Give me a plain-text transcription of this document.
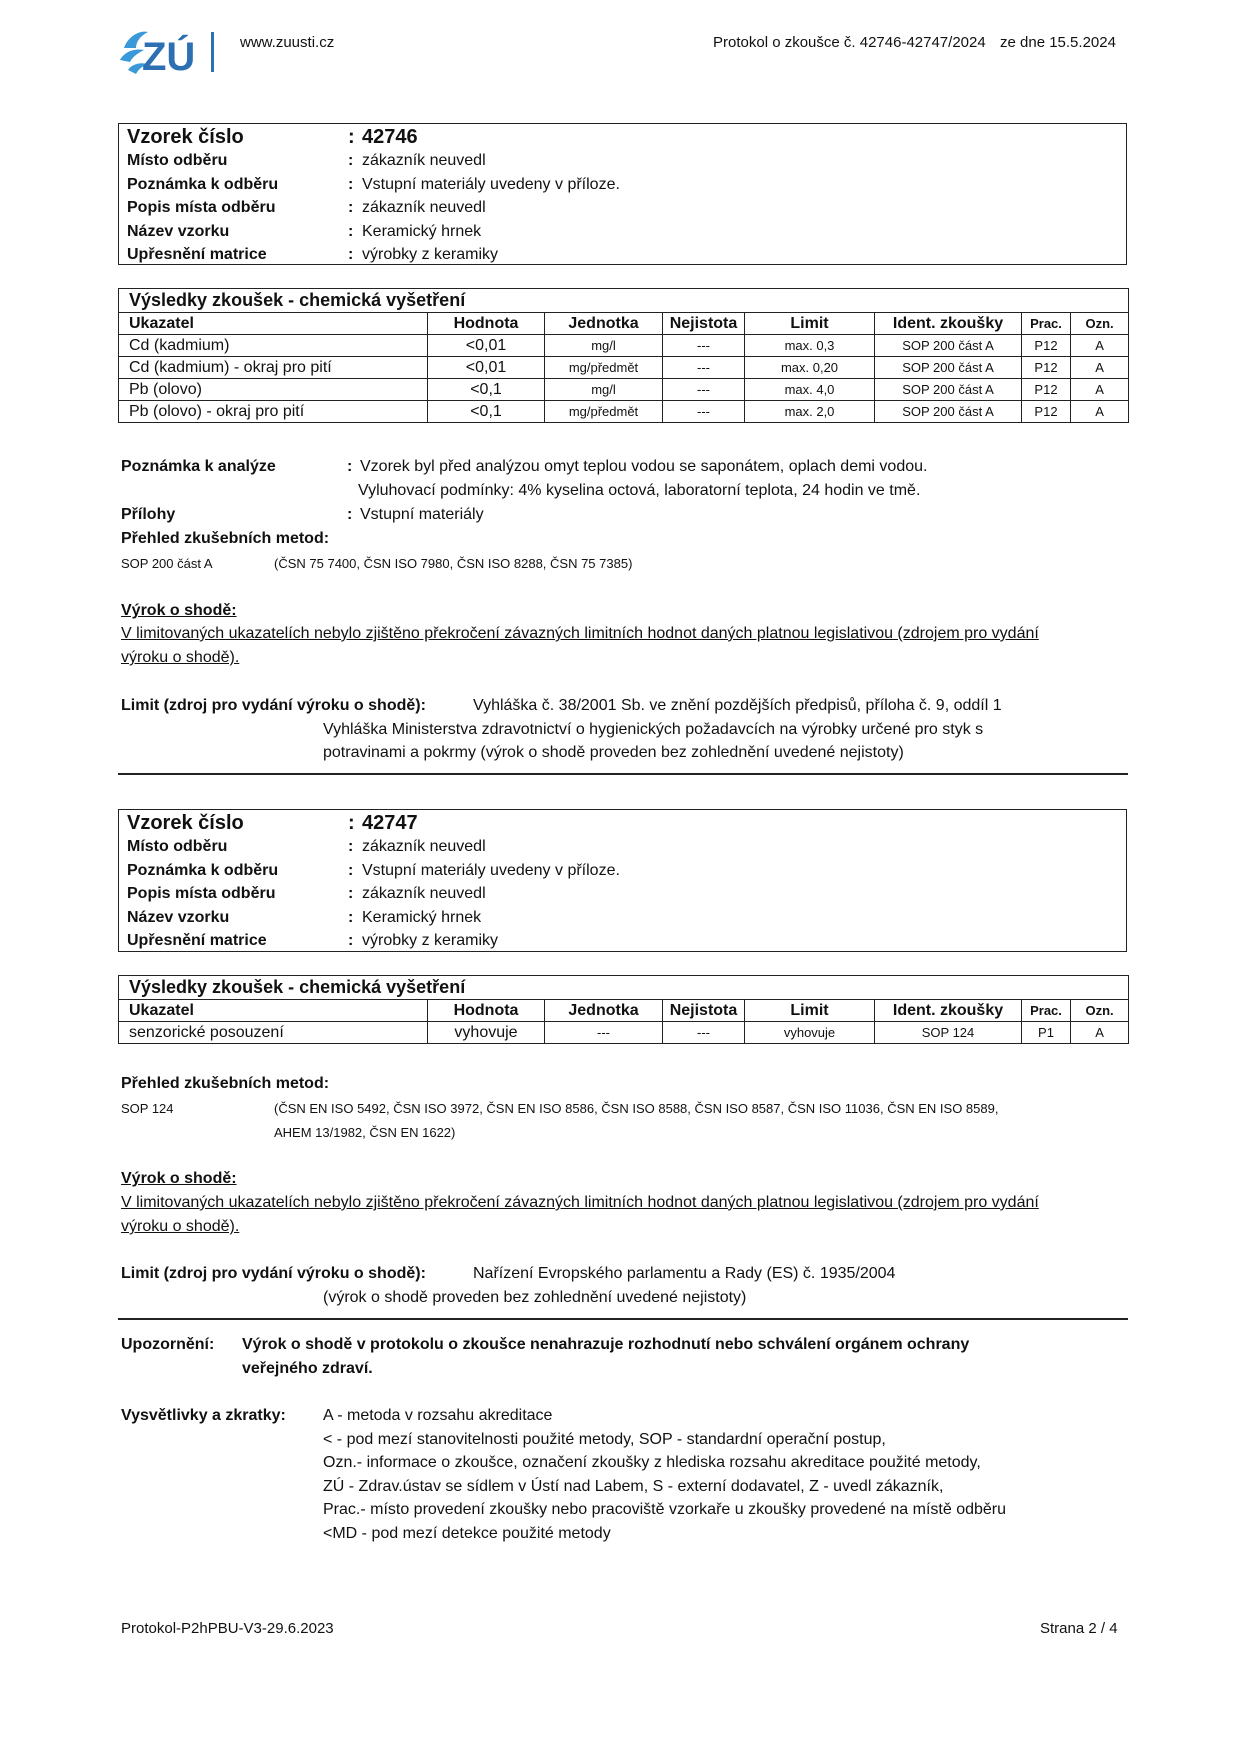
ZÚ	www.zuusti.cz	Protokol o zkoušce č. 42746-42747/2024 ze dne 15.5.2024
Vzorek číslo	: 42746
Místo odběru	: zákazník neuvedl
Poznámka k odběru	: Vstupní materiály uvedeny v příloze.
Popis místa odběru	: zákazník neuvedl
Název vzorku	: Keramický hrnek
Upřesnění matrice	: výrobky z keramiky
Výsledky zkoušek - chemická vyšetření							
Ukazatel	Hodnota	Jednotka	Nejistota	Limit	Ident. zkoušky	Prac.	Ozn.
Cd (kadmium)	<0,01	mg/l	---	max. 0,3	SOP 200 část A	P12	A
Cd (kadmium) - okraj pro pití	<0,01	mg/předmět	---	max. 0,20	SOP 200 část A	P12	A
Pb (olovo)	<0,1	mg/l	---	max. 4,0	SOP 200 část A	P12	A
Pb (olovo) - okraj pro pití	<0,1	mg/předmět	---	max. 2,0	SOP 200 část A	P12	A
Poznámka k analýze	: Vzorek byl před analýzou omyt teplou vodou se saponátem, oplach demi vodou.
Vyluhovací podmínky: 4% kyselina octová, laboratorní teplota, 24 hodin ve tmě.
Přílohy	: Vstupní materiály
Přehled zkušebních metod:
SOP 200 část A	(ČSN 75 7400, ČSN ISO 7980, ČSN ISO 8288, ČSN 75 7385)
Výrok o shodě:
V limitovaných ukazatelích nebylo zjištěno překročení závazných limitních hodnot daných platnou legislativou (zdrojem pro vydání
výroku o shodě).
Limit (zdroj pro vydání výroku o shodě):	Vyhláška č. 38/2001 Sb. ve znění pozdějších předpisů, příloha č. 9, oddíl 1
Vyhláška Ministerstva zdravotnictví o hygienických požadavcích na výrobky určené pro styk s
potravinami a pokrmy (výrok o shodě proveden bez zohlednění uvedené nejistoty)
Vzorek číslo	: 42747
Místo odběru	: zákazník neuvedl
Poznámka k odběru	: Vstupní materiály uvedeny v příloze.
Popis místa odběru	: zákazník neuvedl
Název vzorku	: Keramický hrnek
Upřesnění matrice	: výrobky z keramiky
Výsledky zkoušek - chemická vyšetření							
Ukazatel	Hodnota	Jednotka	Nejistota	Limit	Ident. zkoušky	Prac.	Ozn.
senzorické posouzení	vyhovuje	---	---	vyhovuje	SOP 124	P1	A
Přehled zkušebních metod:
SOP 124	(ČSN EN ISO 5492, ČSN ISO 3972, ČSN EN ISO 8586, ČSN ISO 8588, ČSN ISO 8587, ČSN ISO 11036, ČSN EN ISO 8589,
AHEM 13/1982, ČSN EN 1622)
Výrok o shodě:
V limitovaných ukazatelích nebylo zjištěno překročení závazných limitních hodnot daných platnou legislativou (zdrojem pro vydání
výroku o shodě).
Limit (zdroj pro vydání výroku o shodě):	Nařízení Evropského parlamentu a Rady (ES) č. 1935/2004
(výrok o shodě proveden bez zohlednění uvedené nejistoty)
Upozornění: Výrok o shodě v protokolu o zkoušce nenahrazuje rozhodnutí nebo schválení orgánem ochrany
veřejného zdraví.
Vysvětlivky a zkratky: A - metoda v rozsahu akreditace
< - pod mezí stanovitelnosti použité metody, SOP - standardní operační postup,
Ozn.- informace o zkoušce, označení zkoušky z hlediska rozsahu akreditace použité metody,
ZÚ - Zdrav.ústav se sídlem v Ústí nad Labem, S - externí dodavatel, Z - uvedl zákazník,
Prac.- místo provedení zkoušky nebo pracoviště vzorkaře u zkoušky provedené na místě odběru
<MD - pod mezí detekce použité metody
Protokol-P2hPBU-V3-29.6.2023	Strana 2 / 4
